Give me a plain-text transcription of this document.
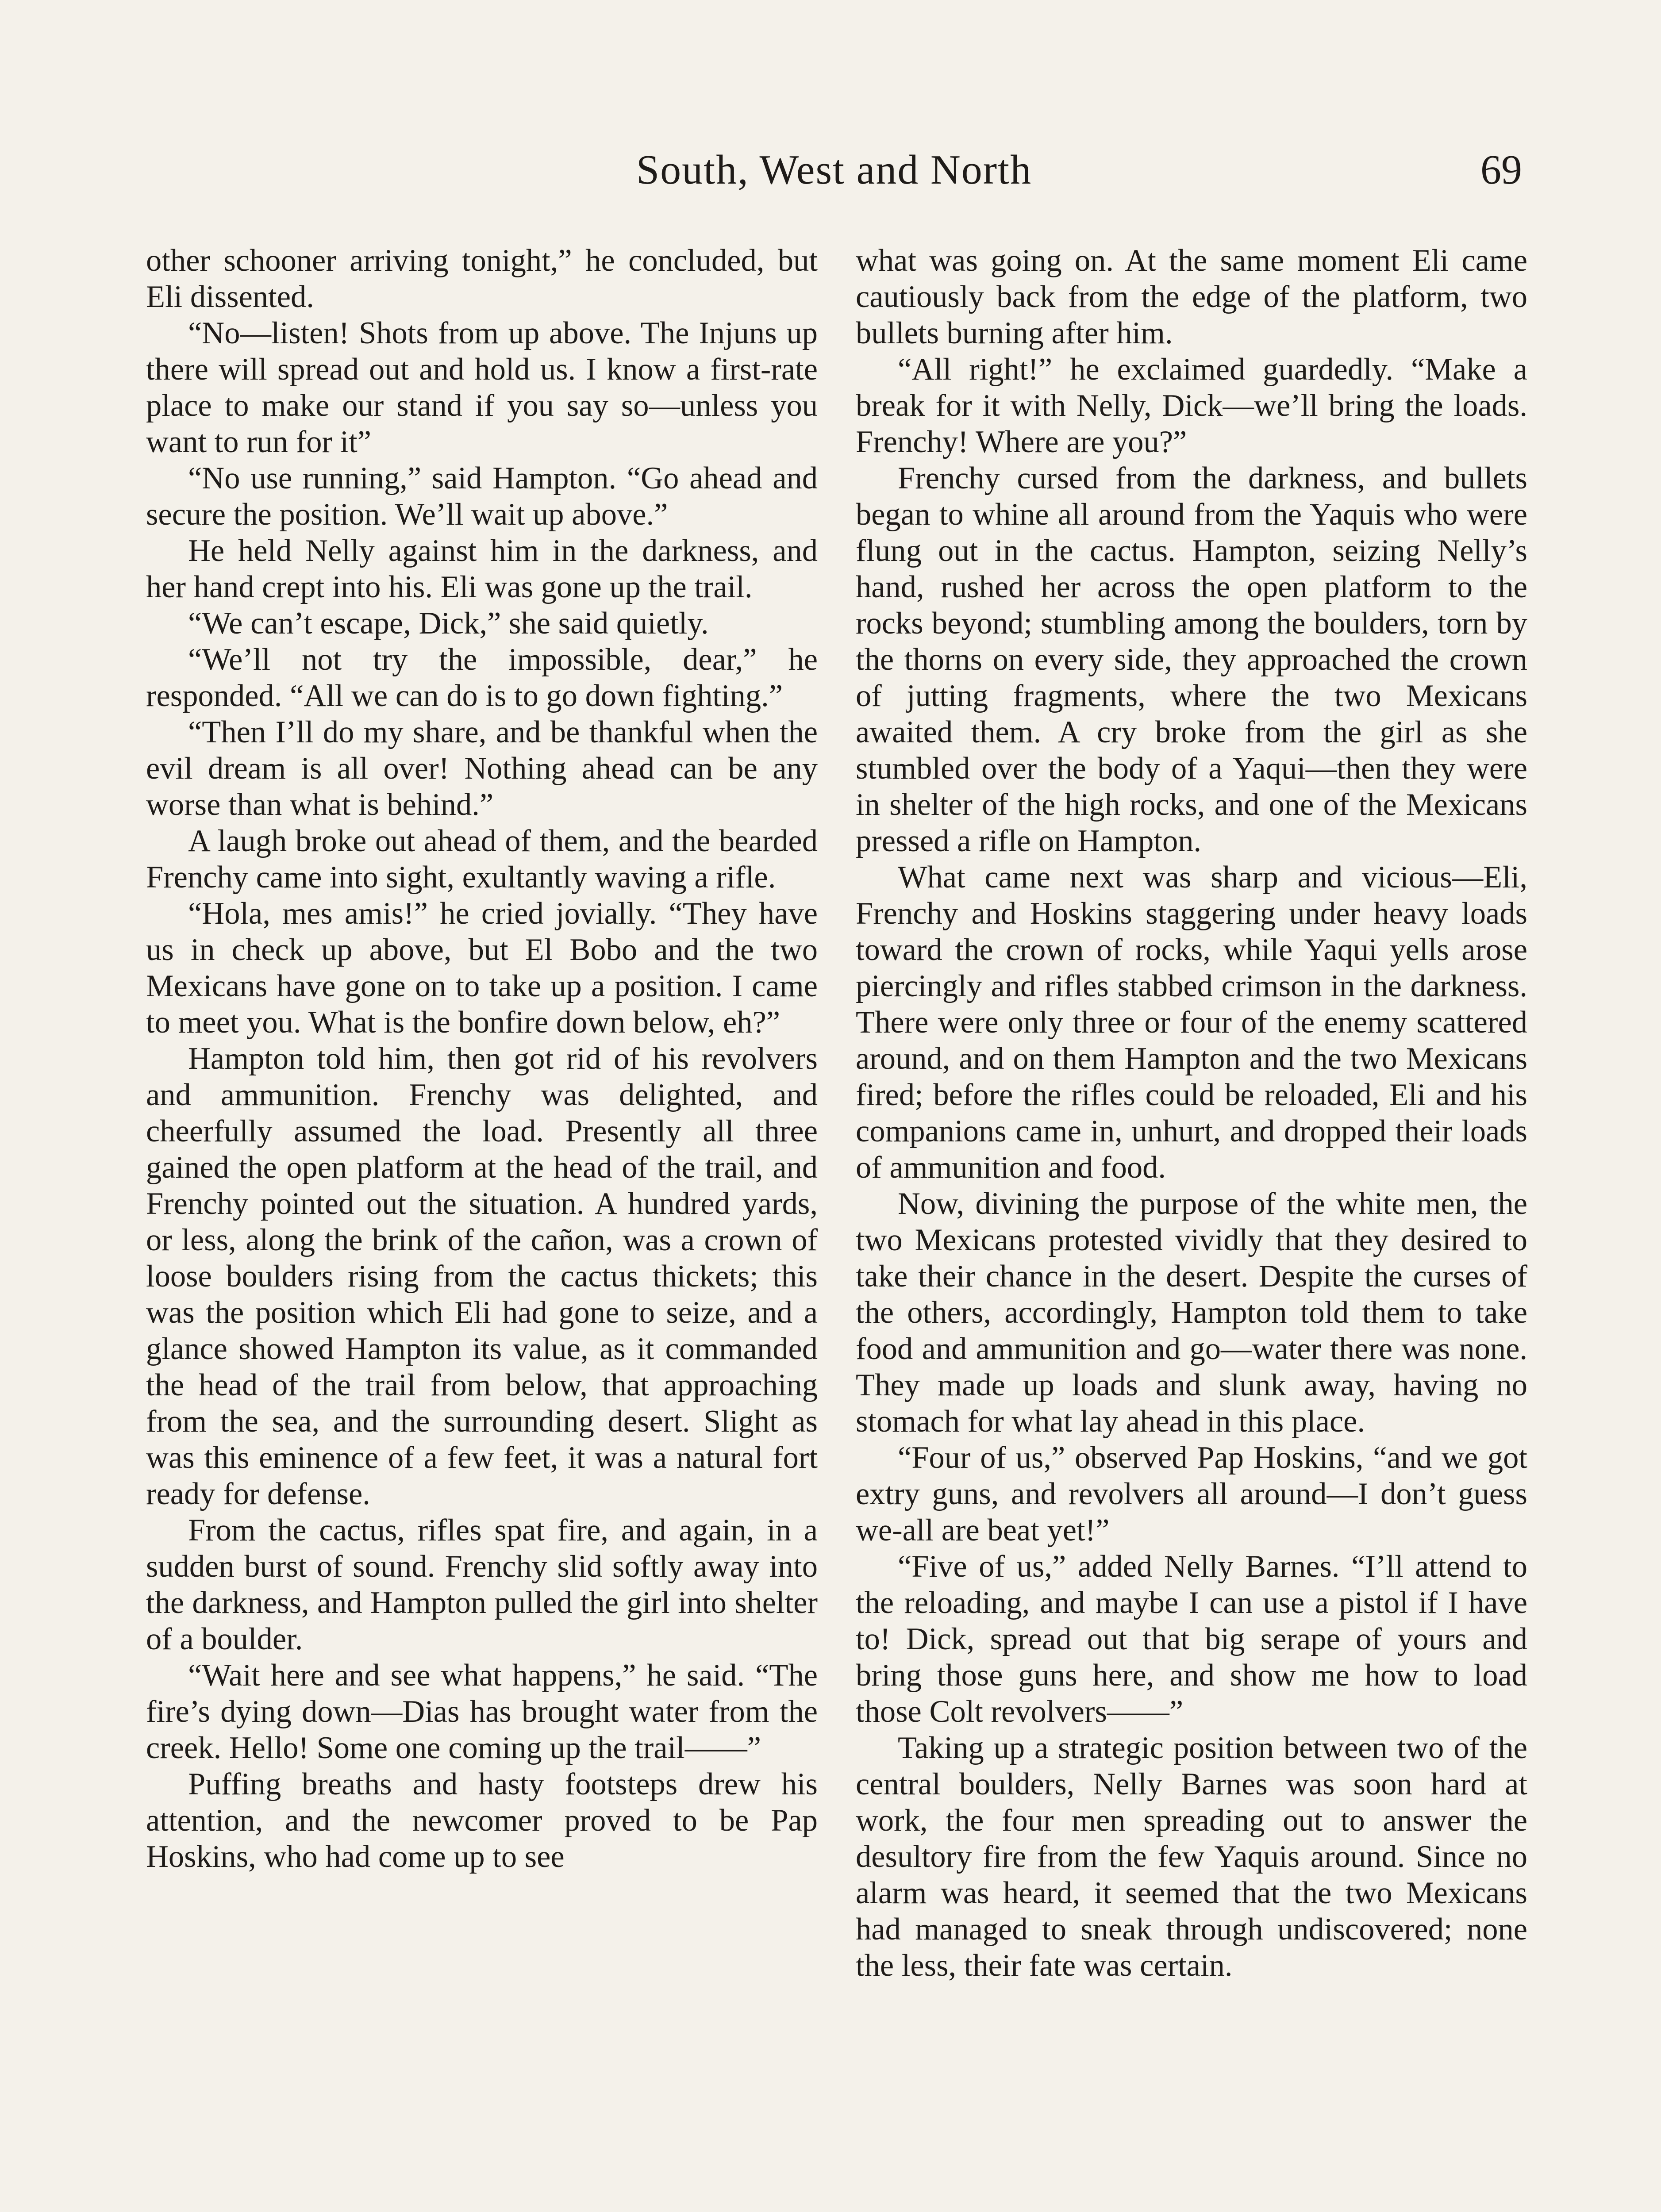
South, West and North	69

other schooner arriving tonight,” he concluded, but Eli dissented.

“No—listen! Shots from up above. The Injuns up there will spread out and hold us. I know a first-rate place to make our stand if you say so—unless you want to run for it”

“No use running,” said Hampton. “Go ahead and secure the position. We’ll wait up above.”

He held Nelly against him in the darkness, and her hand crept into his. Eli was gone up the trail.

“We can’t escape, Dick,” she said quietly.

“We’ll not try the impossible, dear,” he responded. “All we can do is to go down fighting.”

“Then I’ll do my share, and be thankful when the evil dream is all over! Nothing ahead can be any worse than what is behind.”

A laugh broke out ahead of them, and the bearded Frenchy came into sight, exultantly waving a rifle.

“Hola, mes amis!” he cried jovially. “They have us in check up above, but El Bobo and the two Mexicans have gone on to take up a position. I came to meet you. What is the bonfire down below, eh?”

Hampton told him, then got rid of his revolvers and ammunition. Frenchy was delighted, and cheerfully assumed the load. Presently all three gained the open platform at the head of the trail, and Frenchy pointed out the situation. A hundred yards, or less, along the brink of the cañon, was a crown of loose boulders rising from the cactus thickets; this was the position which Eli had gone to seize, and a glance showed Hampton its value, as it commanded the head of the trail from below, that approaching from the sea, and the surrounding desert. Slight as was this eminence of a few feet, it was a natural fort ready for defense.

From the cactus, rifles spat fire, and again, in a sudden burst of sound. Frenchy slid softly away into the darkness, and Hampton pulled the girl into shelter of a boulder.

“Wait here and see what happens,” he said. “The fire’s dying down—Dias has brought water from the creek. Hello! Some one coming up the trail——”

Puffing breaths and hasty footsteps drew his attention, and the newcomer proved to be Pap Hoskins, who had come up to see

what was going on. At the same moment Eli came cautiously back from the edge of the platform, two bullets burning after him.

“All right!” he exclaimed guardedly. “Make a break for it with Nelly, Dick—we’ll bring the loads. Frenchy! Where are you?”

Frenchy cursed from the darkness, and bullets began to whine all around from the Yaquis who were flung out in the cactus. Hampton, seizing Nelly’s hand, rushed her across the open platform to the rocks beyond; stumbling among the boulders, torn by the thorns on every side, they approached the crown of jutting fragments, where the two Mexicans awaited them. A cry broke from the girl as she stumbled over the body of a Yaqui—then they were in shelter of the high rocks, and one of the Mexicans pressed a rifle on Hampton.

What came next was sharp and vicious—Eli, Frenchy and Hoskins staggering under heavy loads toward the crown of rocks, while Yaqui yells arose piercingly and rifles stabbed crimson in the darkness. There were only three or four of the enemy scattered around, and on them Hampton and the two Mexicans fired; before the rifles could be reloaded, Eli and his companions came in, unhurt, and dropped their loads of ammunition and food.

Now, divining the purpose of the white men, the two Mexicans protested vividly that they desired to take their chance in the desert. Despite the curses of the others, accordingly, Hampton told them to take food and ammunition and go—water there was none. They made up loads and slunk away, having no stomach for what lay ahead in this place.

“Four of us,” observed Pap Hoskins, “and we got extry guns, and revolvers all around—I don’t guess we-all are beat yet!”

“Five of us,” added Nelly Barnes. “I’ll attend to the reloading, and maybe I can use a pistol if I have to! Dick, spread out that big serape of yours and bring those guns here, and show me how to load those Colt revolvers——”

Taking up a strategic position between two of the central boulders, Nelly Barnes was soon hard at work, the four men spreading out to answer the desultory fire from the few Yaquis around. Since no alarm was heard, it seemed that the two Mexicans had managed to sneak through undiscovered; none the less, their fate was certain.
